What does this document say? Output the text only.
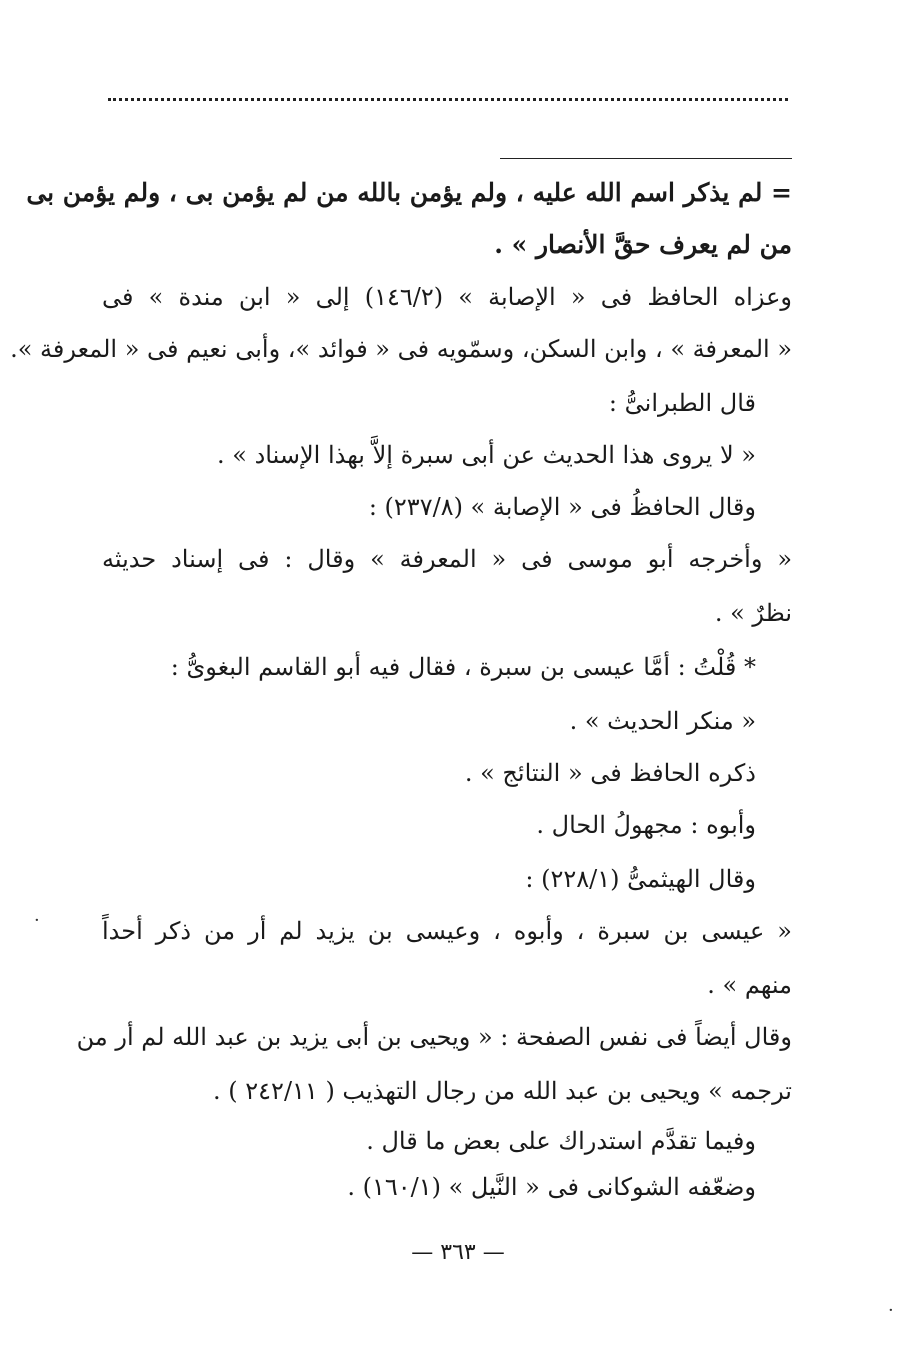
= لم يذكر اسم الله عليه ، ولم يؤمن بالله من لم يؤمن بى ، ولم يؤمن بى
من لم يعرف حقَّ الأنصار » .
وعزاه الحافظ فى « الإصابة » (١٤٦/٢) إلى « ابن مندة » فى
« المعرفة » ، وابن السكن، وسمّويه فى « فوائد »، وأبى نعيم فى « المعرفة ».
قال الطبرانىُّ :
« لا يروى هذا الحديث عن أبى سبرة إلاَّ بهذا الإسناد » .
وقال الحافظُ فى « الإصابة » (٢٣٧/٨) :
« وأخرجه أبو موسى فى « المعرفة » وقال : فى إسناد حديثه
نظرٌ » .
* قُلْتُ : أمَّا عيسى بن سبرة ، فقال فيه أبو القاسم البغوىُّ :
« منكر الحديث » .
ذكره الحافظ فى « النتائج » .
وأبوه : مجهولُ الحال .
وقال الهيثمىُّ (٢٢٨/١) :
« عيسى بن سبرة ، وأبوه ، وعيسى بن يزيد لم أر من ذكر أحداً
منهم » .
وقال أيضاً فى نفس الصفحة : « ويحيى بن أبى يزيد بن عبد الله لم أر من
ترجمه » ويحيى بن عبد الله من رجال التهذيب ( ٢٤٢/١١ ) .
وفيما تقدَّم استدراك على بعض ما قال .
وضعّفه الشوكانى فى « النَّيل » (١٦٠/١) .
— ٣٦٣ —
·
·
